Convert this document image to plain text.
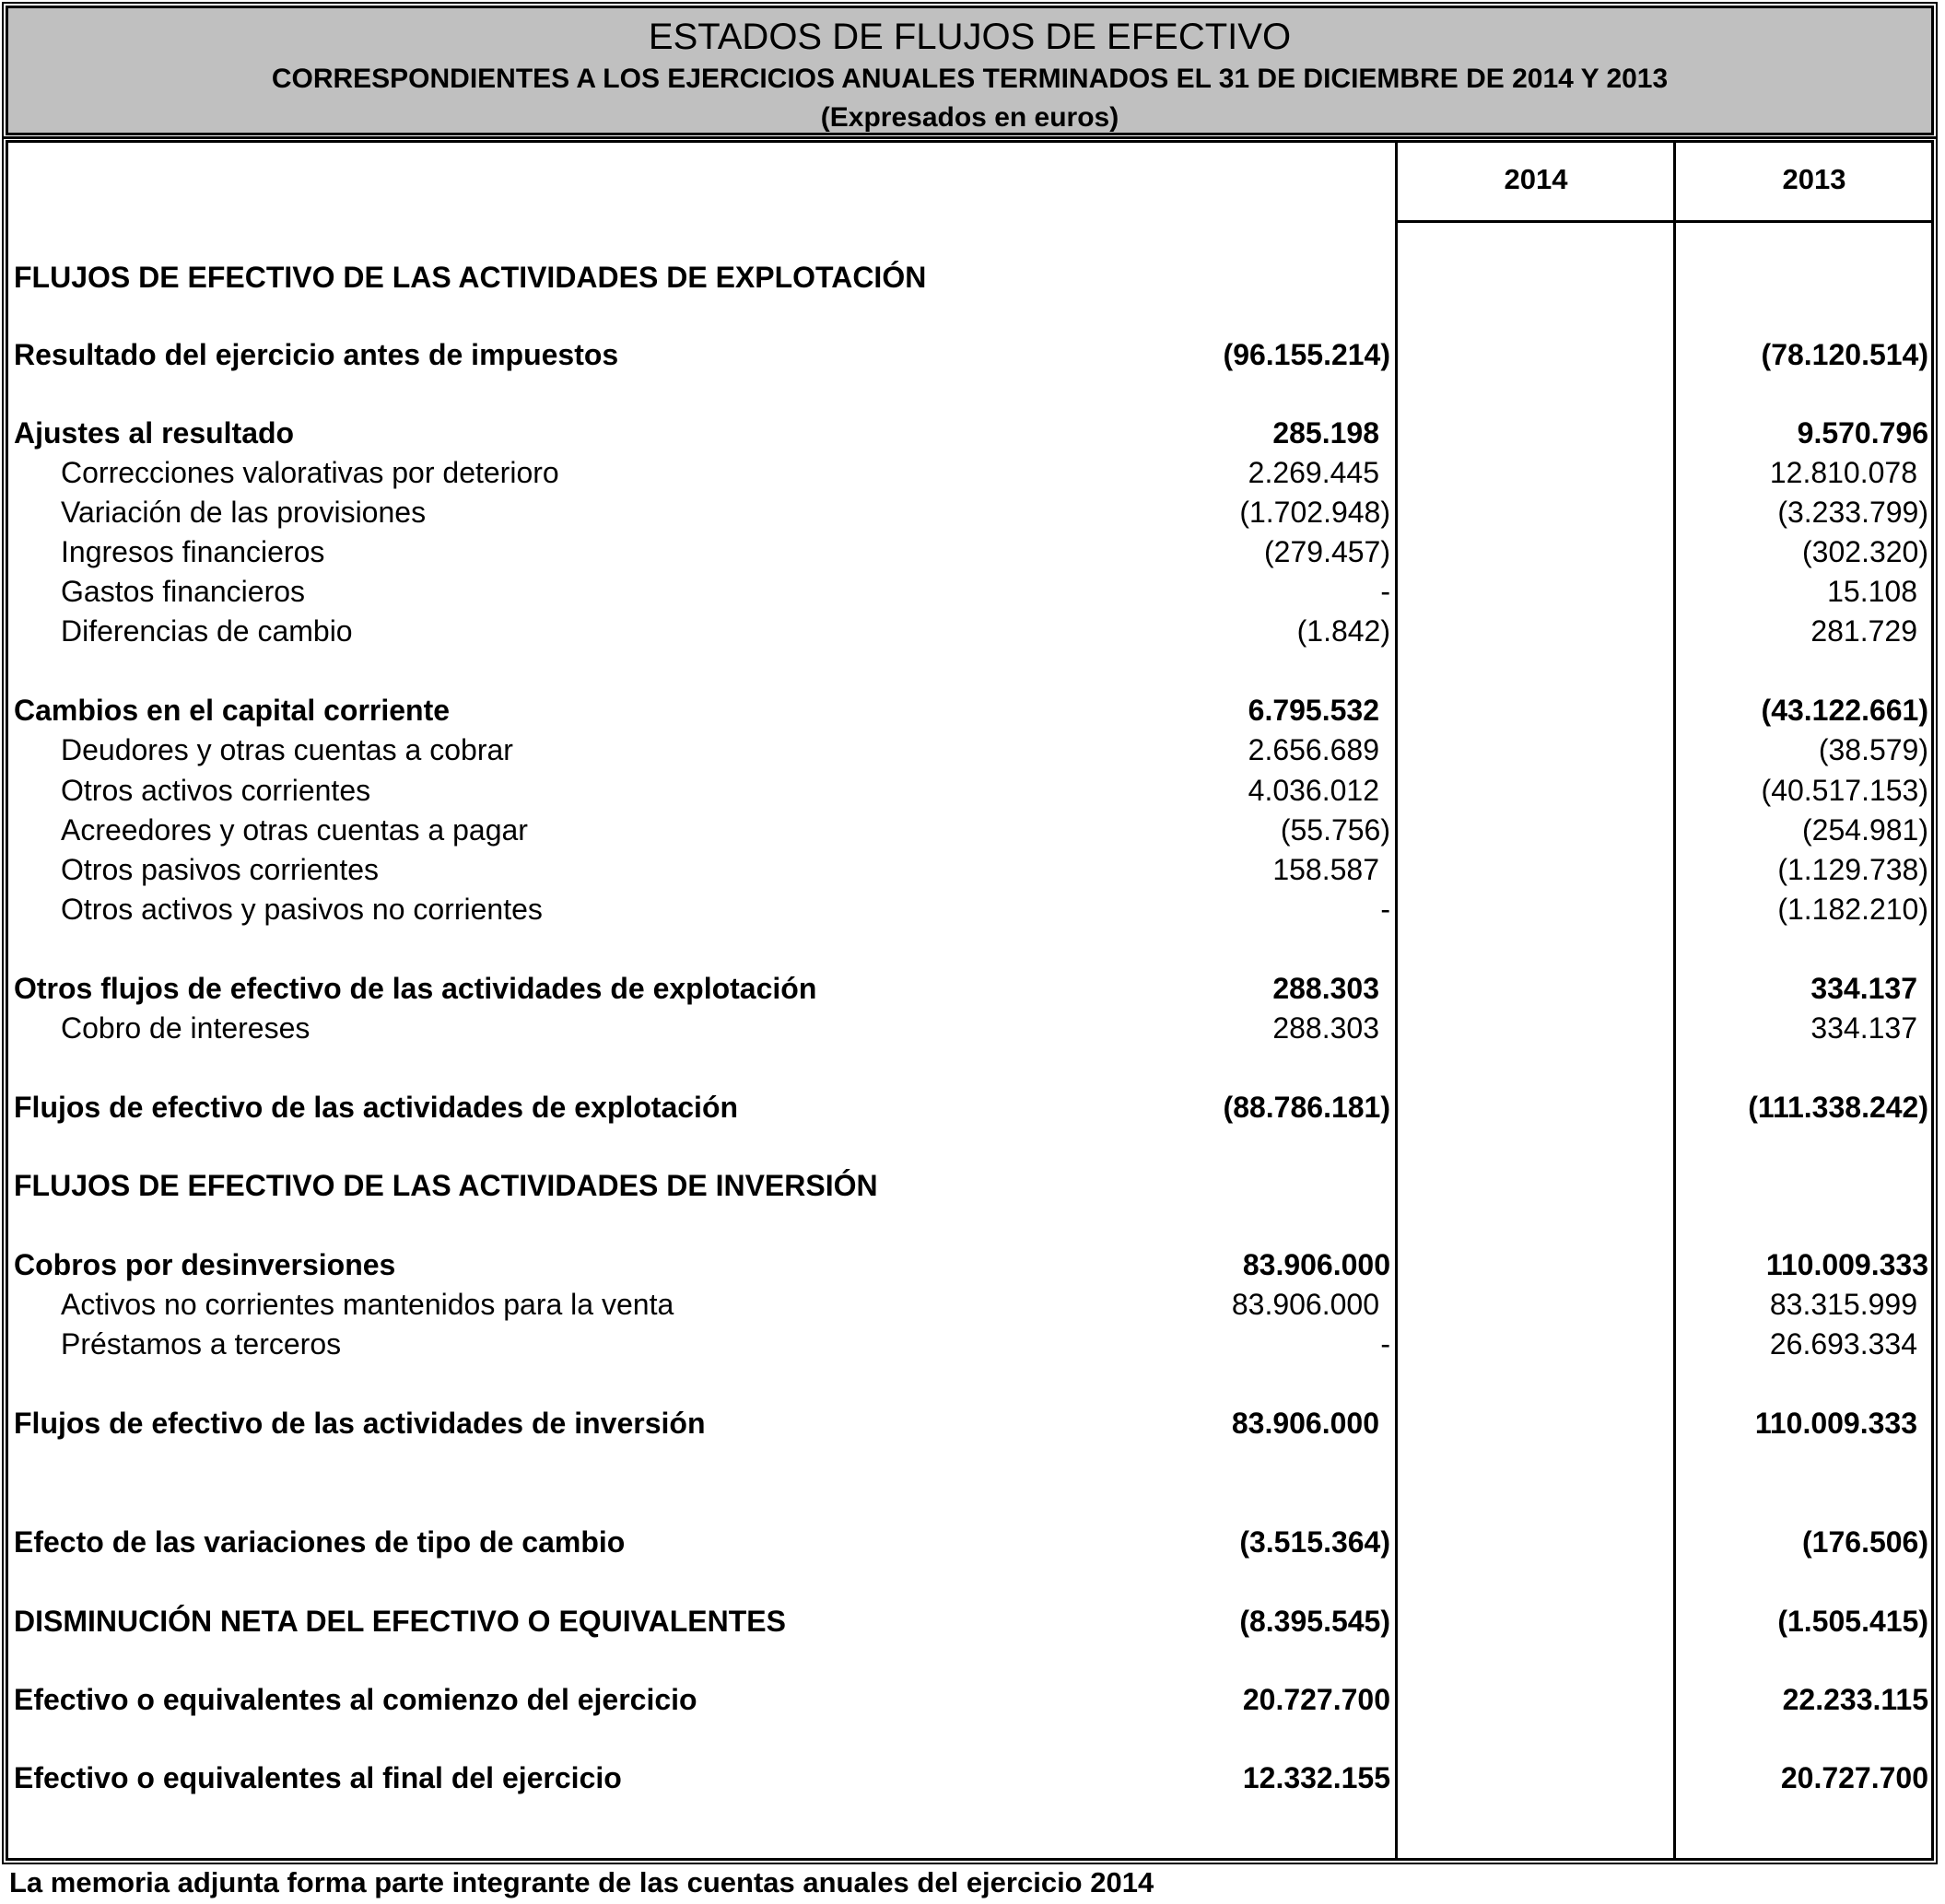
ESTADOS DE FLUJOS DE EFECTIVO
CORRESPONDIENTES A LOS EJERCICIOS ANUALES TERMINADOS EL 31 DE DICIEMBRE DE 2014 Y 2013
(Expresados en euros)
2014	2013
FLUJOS DE EFECTIVO DE LAS ACTIVIDADES DE EXPLOTACIÓN
Resultado del ejercicio antes de impuestos	(96.155.214)	(78.120.514)
Ajustes al resultado	285.198	9.570.796
Correcciones valorativas por deterioro	2.269.445	12.810.078
Variación de las provisiones	(1.702.948)	(3.233.799)
Ingresos financieros	(279.457)	(302.320)
Gastos financieros	-	15.108
Diferencias de cambio	(1.842)	281.729
Cambios en el capital corriente	6.795.532	(43.122.661)
Deudores y otras cuentas a cobrar	2.656.689	(38.579)
Otros activos corrientes	4.036.012	(40.517.153)
Acreedores y otras cuentas a pagar	(55.756)	(254.981)
Otros pasivos corrientes	158.587	(1.129.738)
Otros activos y pasivos no corrientes	-	(1.182.210)
Otros flujos de efectivo de las actividades de explotación	288.303	334.137
Cobro de intereses	288.303	334.137
Flujos de efectivo de las actividades de explotación	(88.786.181)	(111.338.242)
FLUJOS DE EFECTIVO DE LAS ACTIVIDADES DE INVERSIÓN
Cobros por desinversiones	83.906.000	110.009.333
Activos no corrientes mantenidos para la venta	83.906.000	83.315.999
Préstamos a terceros	-	26.693.334
Flujos de efectivo de las actividades de inversión	83.906.000	110.009.333
Efecto de las variaciones de tipo de cambio	(3.515.364)	(176.506)
DISMINUCIÓN NETA DEL EFECTIVO O EQUIVALENTES	(8.395.545)	(1.505.415)
Efectivo o equivalentes al comienzo del ejercicio	20.727.700	22.233.115
Efectivo o equivalentes al final del ejercicio	12.332.155	20.727.700
La memoria adjunta forma parte integrante de las cuentas anuales del ejercicio 2014
